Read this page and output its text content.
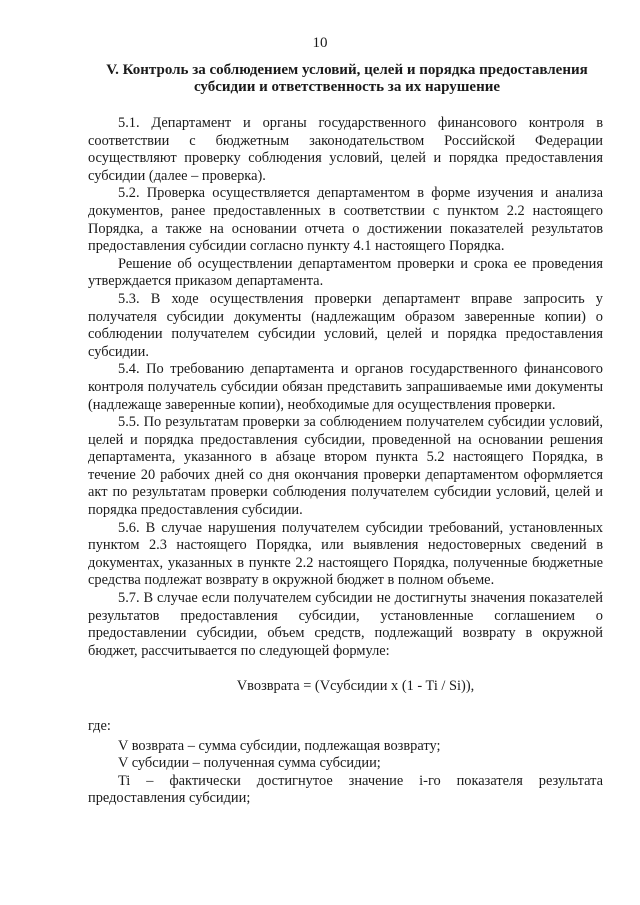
10
V. Контроль за соблюдением условий, целей и порядка предоставления субсидии и ответственность за их нарушение

5.1. Департамент и органы государственного финансового контроля в соответствии с бюджетным законодательством Российской Федерации осуществляют проверку соблюдения условий, целей и порядка предоставления субсидии (далее – проверка).

5.2. Проверка осуществляется департаментом в форме изучения и анализа документов, ранее предоставленных в соответствии с пунктом 2.2 настоящего Порядка, а также на основании отчета о достижении показателей результатов предоставления субсидии согласно пункту 4.1 настоящего Порядка.

Решение об осуществлении департаментом проверки и срока ее проведения утверждается приказом департамента.

5.3. В ходе осуществления проверки департамент вправе запросить у получателя субсидии документы (надлежащим образом заверенные копии) о соблюдении получателем субсидии условий, целей и порядка предоставления субсидии.

5.4. По требованию департамента и органов государственного финансового контроля получатель субсидии обязан представить запрашиваемые ими документы (надлежаще заверенные копии), необходимые для осуществления проверки.

5.5. По результатам проверки за соблюдением получателем субсидии условий, целей и порядка предоставления субсидии, проведенной на основании решения департамента, указанного в абзаце втором пункта 5.2 настоящего Порядка, в течение 20 рабочих дней со дня окончания проверки департаментом оформляется акт по результатам проверки соблюдения получателем субсидии условий, целей и порядка предоставления субсидии.

5.6. В случае нарушения получателем субсидии требований, установленных пунктом 2.3 настоящего Порядка, или выявления недостоверных сведений в документах, указанных в пункте 2.2 настоящего Порядка, полученные бюджетные средства подлежат возврату в окружной бюджет в полном объеме.

5.7. В случае если получателем субсидии не достигнуты значения показателей результатов предоставления субсидии, установленные соглашением о предоставлении субсидии, объем средств, подлежащий возврату в окружной бюджет, рассчитывается по следующей формуле:

Vвозврата = (Vсубсидии x (1 - Ti / Si)),

где:

V возврата – сумма субсидии, подлежащая возврату;

V субсидии – полученная сумма субсидии;

Ti – фактически достигнутое значение i-го показателя результата предоставления субсидии;
